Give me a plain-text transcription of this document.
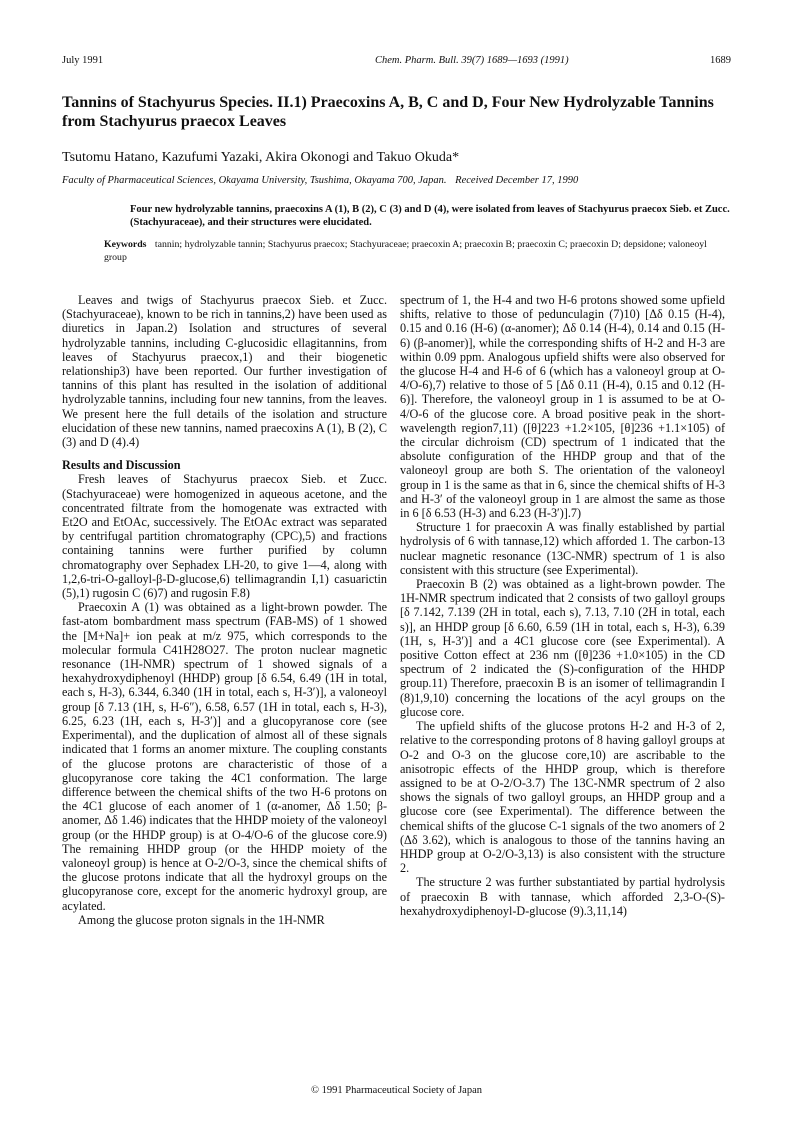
July 1991	Chem. Pharm. Bull. 39(7) 1689—1693 (1991)	1689
Tannins of Stachyurus Species. II.1) Praecoxins A, B, C and D, Four New Hydrolyzable Tannins from Stachyurus praecox Leaves
Tsutomu Hatano, Kazufumi Yazaki, Akira Okonogi and Takuo Okuda*
Faculty of Pharmaceutical Sciences, Okayama University, Tsushima, Okayama 700, Japan. Received December 17, 1990
Four new hydrolyzable tannins, praecoxins A (1), B (2), C (3) and D (4), were isolated from leaves of Stachyurus praecox Sieb. et Zucc. (Stachyuraceae), and their structures were elucidated.
Keywords tannin; hydrolyzable tannin; Stachyurus praecox; Stachyuraceae; praecoxin A; praecoxin B; praecoxin C; praecoxin D; depsidone; valoneoyl group

Leaves and twigs of Stachyurus praecox Sieb. et Zucc. (Stachyuraceae), known to be rich in tannins,2) have been used as diuretics in Japan.2) Isolation and structures of several hydrolyzable tannins, including C-glucosidic ellagitannins, from leaves of Stachyurus praecox,1) and their biogenetic relationship3) have been reported. Our further investigation of tannins of this plant has resulted in the isolation of additional hydrolyzable tannins, including four new tannins, from the leaves. We present here the full details of the isolation and structure elucidation of these new tannins, named praecoxins A (1), B (2), C (3) and D (4).4)

Results and Discussion

Fresh leaves of Stachyurus praecox Sieb. et Zucc. (Stachyuraceae) were homogenized in aqueous acetone, and the concentrated filtrate from the homogenate was extracted with Et2O and EtOAc, successively. The EtOAc extract was separated by centrifugal partition chromatography (CPC),5) and fractions containing tannins were further purified by column chromatography over Sephadex LH-20, to give 1—4, along with 1,2,6-tri-O-galloyl-β-D-glucose,6) tellimagrandin I,1) casuarictin (5),1) rugosin C (6)7) and rugosin F.8)

Praecoxin A (1) was obtained as a light-brown powder. The fast-atom bombardment mass spectrum (FAB-MS) of 1 showed the [M+Na]+ ion peak at m/z 975, which corresponds to the molecular formula C41H28O27. The proton nuclear magnetic resonance (1H-NMR) spectrum of 1 showed signals of a hexahydroxydiphenoyl (HHDP) group [δ 6.54, 6.49 (1H in total, each s, H-3), 6.344, 6.340 (1H in total, each s, H-3′)], a valoneoyl group [δ 7.13 (1H, s, H-6″), 6.58, 6.57 (1H in total, each s, H-3), 6.25, 6.23 (1H, each s, H-3′)] and a glucopyranose core (see Experimental), and the duplication of almost all of these signals indicated that 1 forms an anomer mixture. The coupling constants of the glucose protons are characteristic of those of a glucopyranose core taking the 4C1 conformation. The large difference between the chemical shifts of the two H-6 protons on the 4C1 glucose of each anomer of 1 (α-anomer, Δδ 1.50; β-anomer, Δδ 1.46) indicates that the HHDP moiety of the valoneoyl group (or the HHDP group) is at O-4/O-6 of the glucose core.9) The remaining HHDP group (or the HHDP moiety of the valoneoyl group) is hence at O-2/O-3, since the chemical shifts of the glucose protons indicate that all the hydroxyl groups on the glucopyranose core, except for the anomeric hydroxyl group, are acylated.

Among the glucose proton signals in the 1H-NMR

spectrum of 1, the H-4 and two H-6 protons showed some upfield shifts, relative to those of pedunculagin (7)10) [Δδ 0.15 (H-4), 0.15 and 0.16 (H-6) (α-anomer); Δδ 0.14 (H-4), 0.14 and 0.15 (H-6) (β-anomer)], while the corresponding shifts of H-2 and H-3 are within 0.09 ppm. Analogous upfield shifts were also observed for the glucose H-4 and H-6 of 6 (which has a valoneoyl group at O-4/O-6),7) relative to those of 5 [Δδ 0.11 (H-4), 0.15 and 0.12 (H-6)]. Therefore, the valoneoyl group in 1 is assumed to be at O-4/O-6 of the glucose core. A broad positive peak in the short-wavelength region7,11) ([θ]223 +1.2×105, [θ]236 +1.1×105) of the circular dichroism (CD) spectrum of 1 indicated that the absolute configuration of the HHDP group and that of the valoneoyl group are both S. The orientation of the valoneoyl group in 1 is the same as that in 6, since the chemical shifts of H-3 and H-3′ of the valoneoyl group in 1 are almost the same as those in 6 [δ 6.53 (H-3) and 6.23 (H-3′)].7)

Structure 1 for praecoxin A was finally established by partial hydrolysis of 6 with tannase,12) which afforded 1. The carbon-13 nuclear magnetic resonance (13C-NMR) spectrum of 1 is also consistent with this structure (see Experimental).

Praecoxin B (2) was obtained as a light-brown powder. The 1H-NMR spectrum indicated that 2 consists of two galloyl groups [δ 7.142, 7.139 (2H in total, each s), 7.13, 7.10 (2H in total, each s)], an HHDP group [δ 6.60, 6.59 (1H in total, each s, H-3), 6.39 (1H, s, H-3′)] and a 4C1 glucose core (see Experimental). A positive Cotton effect at 236 nm ([θ]236 +1.0×105) in the CD spectrum of 2 indicated the (S)-configuration of the HHDP group.11) Therefore, praecoxin B is an isomer of tellimagrandin I (8)1,9,10) concerning the locations of the acyl groups on the glucose core.

The upfield shifts of the glucose protons H-2 and H-3 of 2, relative to the corresponding protons of 8 having galloyl groups at O-2 and O-3 on the glucose core,10) are ascribable to the anisotropic effects of the HHDP group, which is therefore assigned to be at O-2/O-3.7) The 13C-NMR spectrum of 2 also shows the signals of two galloyl groups, an HHDP group and a glucose core (see Experimental). The difference between the chemical shifts of the glucose C-1 signals of the two anomers of 2 (Δδ 3.62), which is analogous to those of the tannins having an HHDP group at O-2/O-3,13) is also consistent with the structure 2.

The structure 2 was further substantiated by partial hydrolysis of praecoxin B with tannase, which afforded 2,3-O-(S)-hexahydroxydiphenoyl-D-glucose (9).3,11,14)

© 1991 Pharmaceutical Society of Japan
